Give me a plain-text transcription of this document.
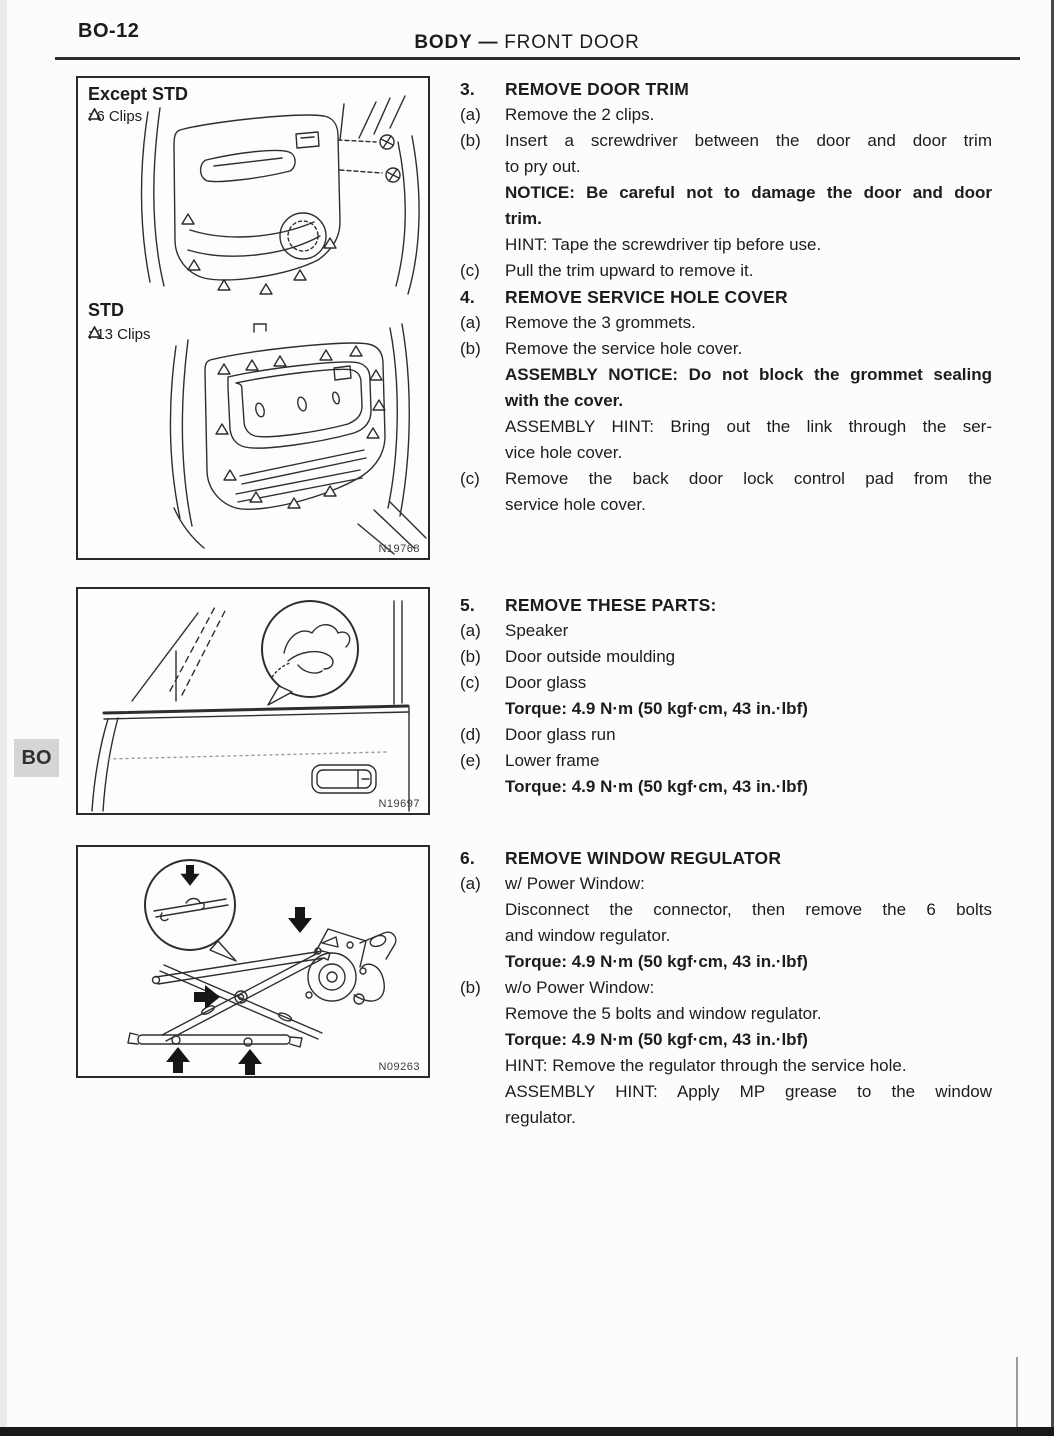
BO-12
BODY — FRONT DOOR
Except STD
: 6 Clips
STD
: 13 Clips
N19768
N19697
N09263
BO
3.	REMOVE DOOR TRIM
(a)	Remove the 2 clips.
(b)	Insert a screwdriver between the door and door trim
to pry out.
NOTICE: Be careful not to damage the door and door
trim.
HINT: Tape the screwdriver tip before use.
(c)	Pull the trim upward to remove it.
4.	REMOVE SERVICE HOLE COVER
(a)	Remove the 3 grommets.
(b)	Remove the service hole cover.
ASSEMBLY NOTICE: Do not block the grommet sealing
with the cover.
ASSEMBLY HINT: Bring out the link through the ser-
vice hole cover.
(c)	Remove the back door lock control pad from the
service hole cover.
5.	REMOVE THESE PARTS:
(a)	Speaker
(b)	Door outside moulding
(c)	Door glass
Torque: 4.9 N·m (50 kgf·cm, 43 in.·lbf)
(d)	Door glass run
(e)	Lower frame
Torque: 4.9 N·m (50 kgf·cm, 43 in.·lbf)
6.	REMOVE WINDOW REGULATOR
(a)	w/ Power Window:
Disconnect the connector, then remove the 6 bolts
and window regulator.
Torque: 4.9 N·m (50 kgf·cm, 43 in.·lbf)
(b)	w/o Power Window:
Remove the 5 bolts and window regulator.
Torque: 4.9 N·m (50 kgf·cm, 43 in.·lbf)
HINT: Remove the regulator through the service hole.
ASSEMBLY HINT: Apply MP grease to the window
regulator.
